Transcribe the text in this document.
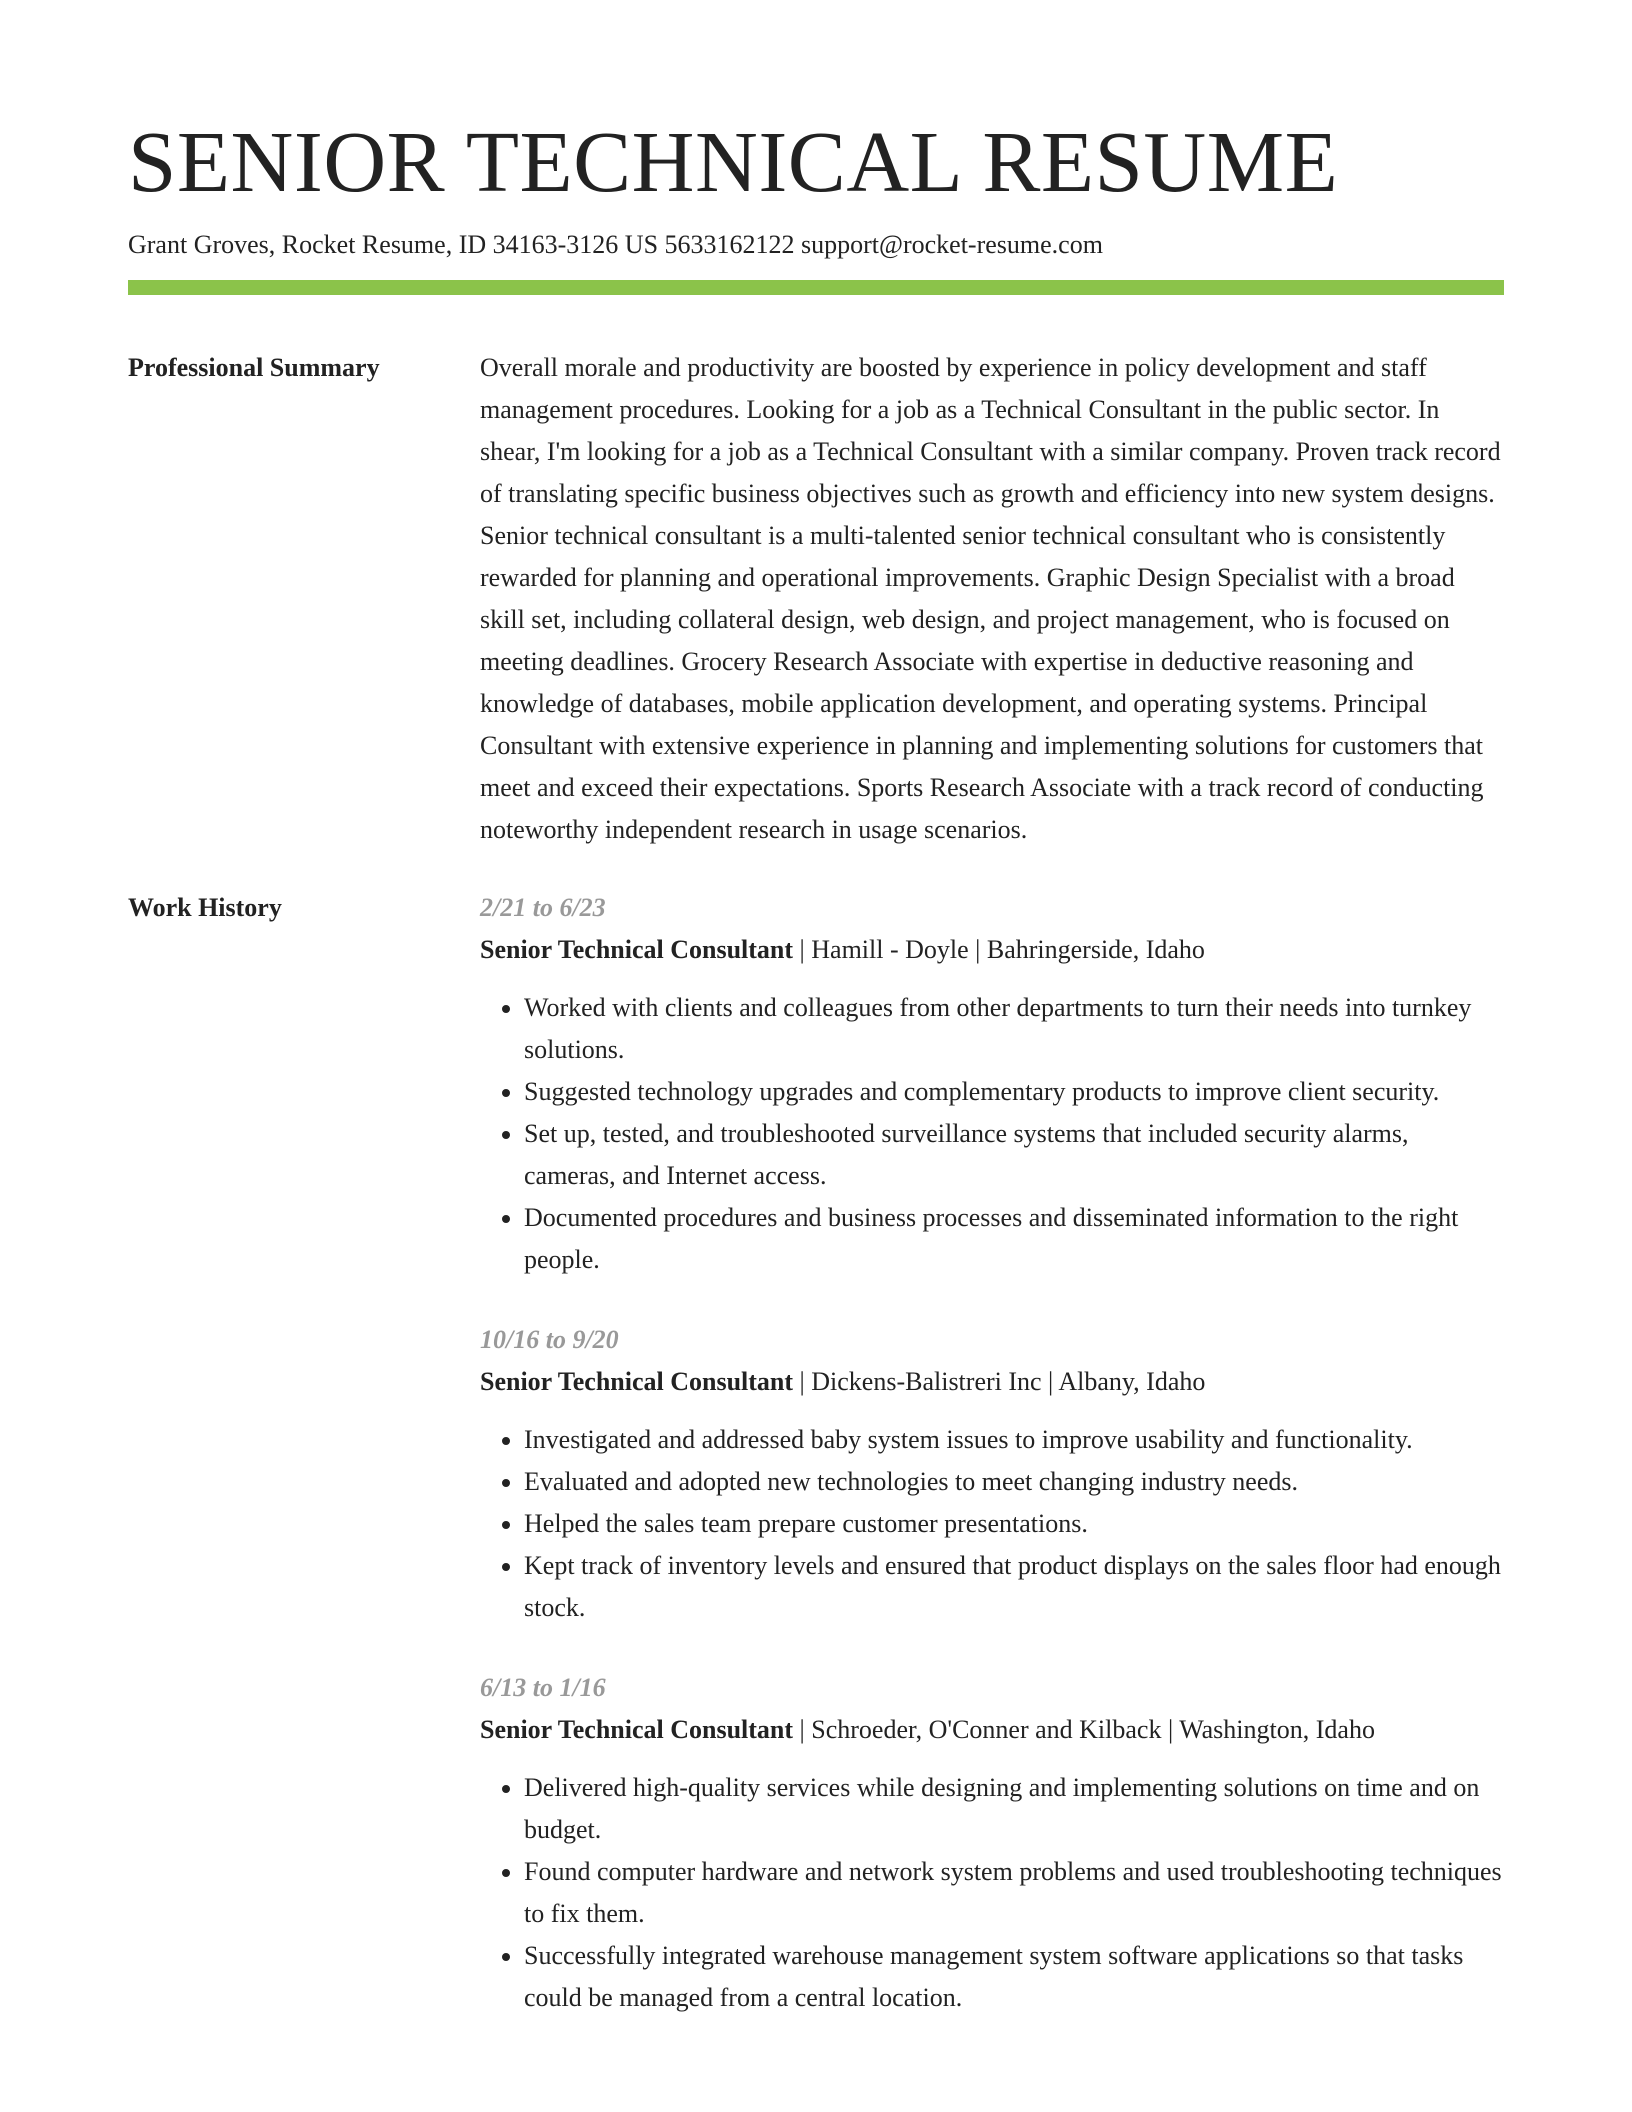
SENIOR TECHNICAL RESUME
Grant Groves, Rocket Resume, ID 34163-3126 US 5633162122 support@rocket-resume.com
Professional Summary	Overall morale and productivity are boosted by experience in policy development and staff management procedures. Looking for a job as a Technical Consultant in the public sector. In shear, I'm looking for a job as a Technical Consultant with a similar company. Proven track record of translating specific business objectives such as growth and efficiency into new system designs. Senior technical consultant is a multi-talented senior technical consultant who is consistently rewarded for planning and operational improvements. Graphic Design Specialist with a broad skill set, including collateral design, web design, and project management, who is focused on meeting deadlines. Grocery Research Associate with expertise in deductive reasoning and knowledge of databases, mobile application development, and operating systems. Principal Consultant with extensive experience in planning and implementing solutions for customers that meet and exceed their expectations. Sports Research Associate with a track record of conducting noteworthy independent research in usage scenarios.

Work History	2/21 to 6/23
Senior Technical Consultant | Hamill - Doyle | Bahringerside, Idaho
• Worked with clients and colleagues from other departments to turn their needs into turnkey solutions.
• Suggested technology upgrades and complementary products to improve client security.
• Set up, tested, and troubleshooted surveillance systems that included security alarms, cameras, and Internet access.
• Documented procedures and business processes and disseminated information to the right people.
10/16 to 9/20
Senior Technical Consultant | Dickens-Balistreri Inc | Albany, Idaho
• Investigated and addressed baby system issues to improve usability and functionality.
• Evaluated and adopted new technologies to meet changing industry needs.
• Helped the sales team prepare customer presentations.
• Kept track of inventory levels and ensured that product displays on the sales floor had enough stock.
6/13 to 1/16
Senior Technical Consultant | Schroeder, O'Conner and Kilback | Washington, Idaho
• Delivered high-quality services while designing and implementing solutions on time and on budget.
• Found computer hardware and network system problems and used troubleshooting techniques to fix them.
• Successfully integrated warehouse management system software applications so that tasks could be managed from a central location.
